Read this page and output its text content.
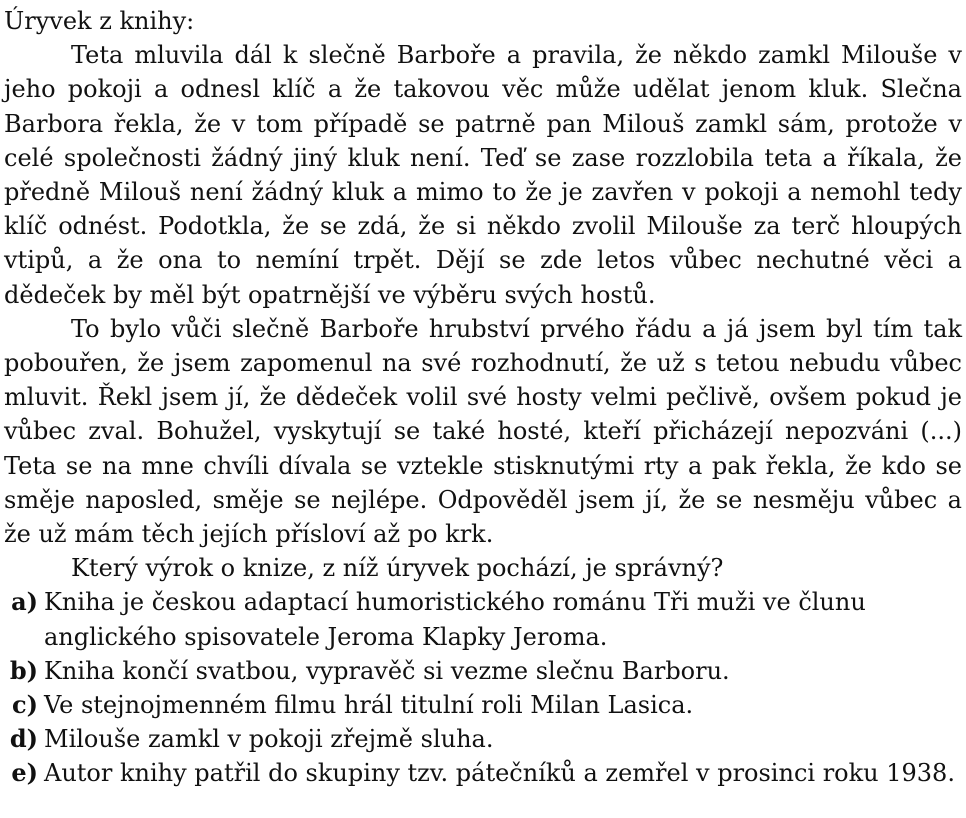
Úryvek z knihy:

Teta mluvila dál k slečně Barboře a pravila, že někdo zamkl Milouše v jeho pokoji a odnesl klíč a že takovou věc může udělat jenom kluk. Slečna Barbora řekla, že v tom případě se patrně pan Milouš zamkl sám, protože v celé společnosti žádný jiný kluk není. Teď se zase rozzlobila teta a říkala, že předně Milouš není žádný kluk a mimo to že je zavřen v pokoji a nemohl tedy klíč odnést. Podotkla, že se zdá, že si někdo zvolil Milouše za terč hloupých vtipů, a že ona to nemíní trpět. Dějí se zde letos vůbec nechutné věci a dědeček by měl být opatrnější ve výběru svých hostů.

To bylo vůči slečně Barboře hrubství prvého řádu a já jsem byl tím tak pobouřen, že jsem zapomenul na své rozhodnutí, že už s tetou nebudu vůbec mluvit. Řekl jsem jí, že dědeček volil své hosty velmi pečlivě, ovšem pokud je vůbec zval. Bohužel, vyskytují se také hosté, kteří přicházejí nepozváni (...) Teta se na mne chvíli dívala se vztekle stisknutými rty a pak řekla, že kdo se směje naposled, směje se nejlépe. Odpověděl jsem jí, že se nesměju vůbec a že už mám těch jejích přísloví až po krk.

Který výrok o knize, z níž úryvek pochází, je správný?

a) Kniha je českou adaptací humoristického románu Tři muži ve člunu anglického spisovatele Jeroma Klapky Jeroma.
b) Kniha končí svatbou, vypravěč si vezme slečnu Barboru.
c) Ve stejnojmenném filmu hrál titulní roli Milan Lasica.
d) Milouše zamkl v pokoji zřejmě sluha.
e) Autor knihy patřil do skupiny tzv. pátečníků a zemřel v prosinci roku 1938.
